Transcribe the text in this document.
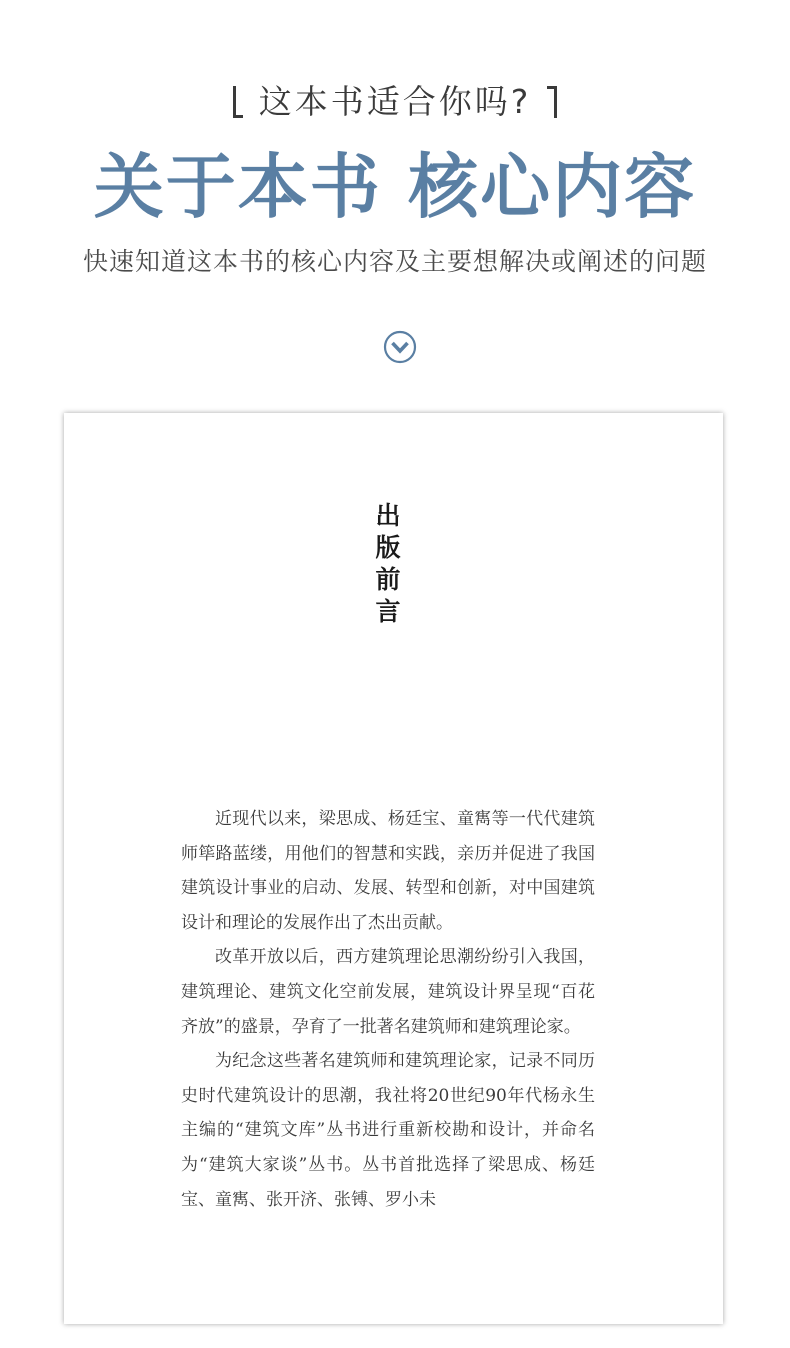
这本书适合你吗?
关于本书 核心内容
快速知道这本书的核心内容及主要想解决或阐述的问题
出
版
前
言

近现代以来，梁思成、杨廷宝、童寯等一代代建筑师筚路蓝缕，用他们的智慧和实践，亲历并促进了我国建筑设计事业的启动、发展、转型和创新，对中国建筑设计和理论的发展作出了杰出贡献。

改革开放以后，西方建筑理论思潮纷纷引入我国，建筑理论、建筑文化空前发展，建筑设计界呈现“百花齐放”的盛景，孕育了一批著名建筑师和建筑理论家。

为纪念这些著名建筑师和建筑理论家，记录不同历史时代建筑设计的思潮，我社将20世纪90年代杨永生主编的“建筑文库”丛书进行重新校勘和设计，并命名为“建筑大家谈”丛书。丛书首批选择了梁思成、杨廷宝、童寯、张开济、张镈、罗小未
